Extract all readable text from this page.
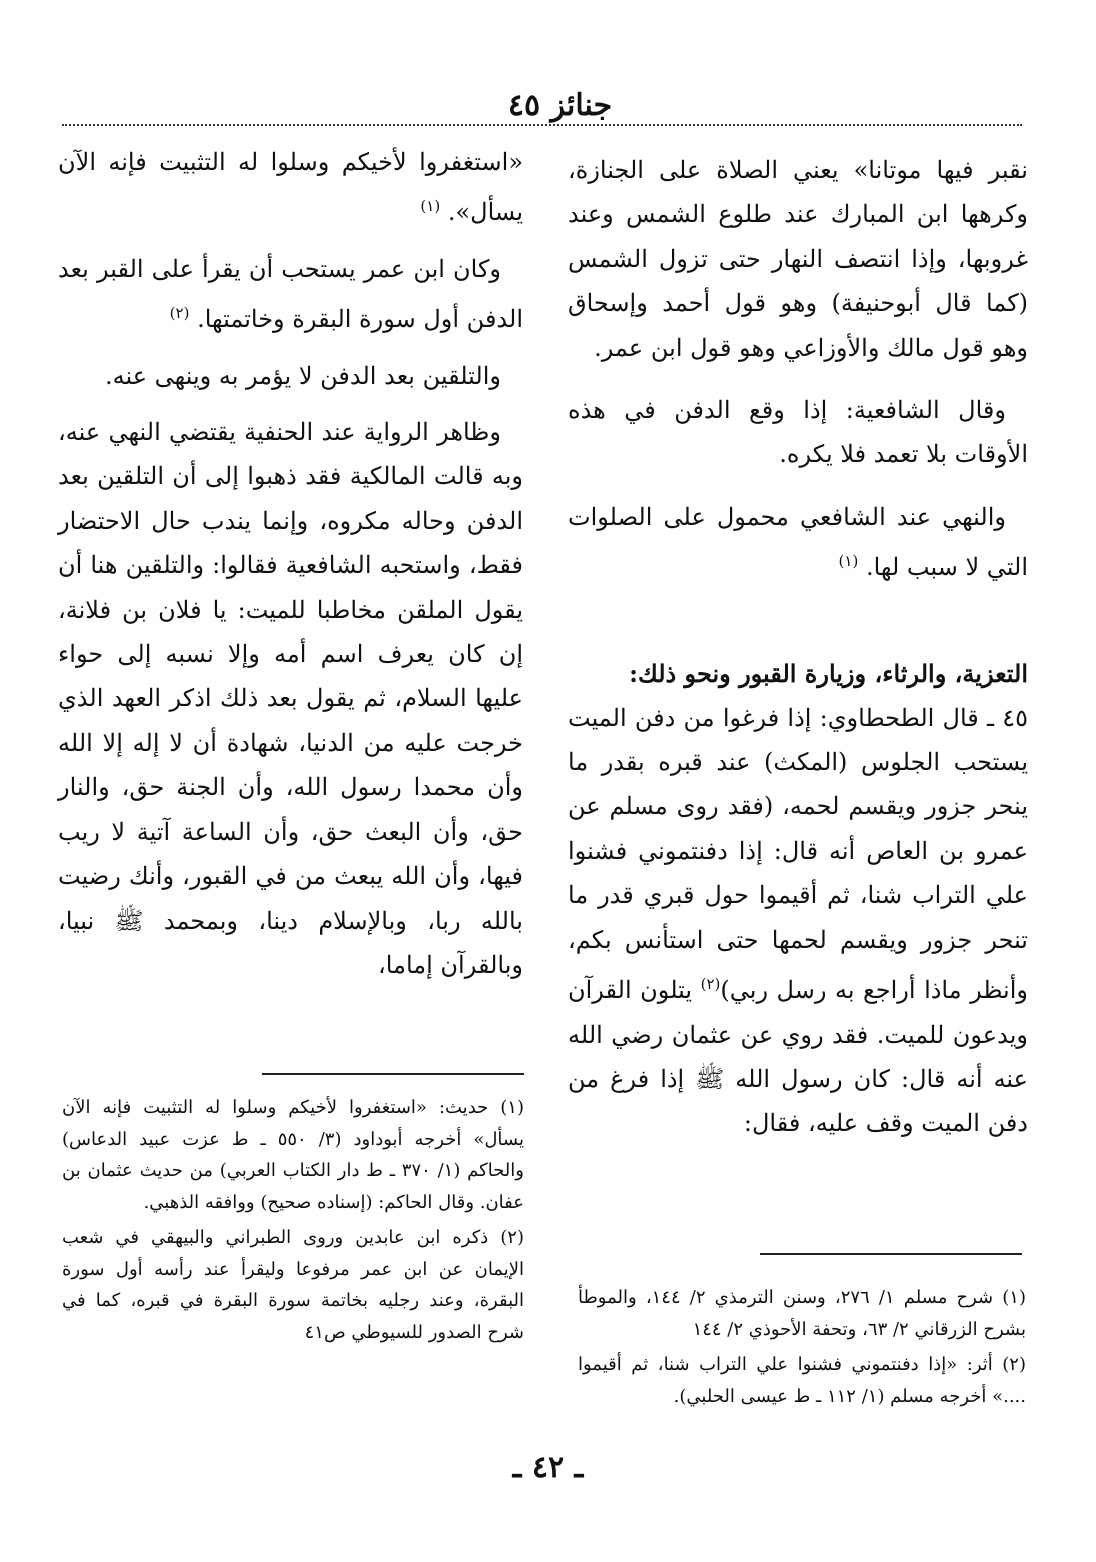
جنائز ٤٥

نقبر فيها موتانا» يعني الصلاة على الجنازة، وكرهها ابن المبارك عند طلوع الشمس وعند غروبها، وإذا انتصف النهار حتى تزول الشمس (كما قال أبوحنيفة) وهو قول أحمد وإسحاق وهو قول مالك والأوزاعي وهو قول ابن عمر.

وقال الشافعية: إذا وقع الدفن في هذه الأوقات بلا تعمد فلا يكره.

والنهي عند الشافعي محمول على الصلوات التي لا سبب لها. $^{(١)}$

التعزية، والرثاء، وزيارة القبور ونحو ذلك:

٤٥ ـ قال الطحطاوي: إذا فرغوا من دفن الميت يستحب الجلوس (المكث) عند قبره بقدر ما ينحر جزور ويقسم لحمه، (فقد روى مسلم عن عمرو بن العاص أنه قال: إذا دفنتموني فشنوا علي التراب شنا، ثم أقيموا حول قبري قدر ما تنحر جزور ويقسم لحمها حتى استأنس بكم، وأنظر ماذا أراجع به رسل ربي)$^{(٢)}$ يتلون القرآن ويدعون للميت. فقد روي عن عثمان رضي الله عنه أنه قال: كان رسول الله ﷺ إذا فرغ من دفن الميت وقف عليه، فقال:

«استغفروا لأخيكم وسلوا له التثبيت فإنه الآن يسأل». $^{(١)}$

وكان ابن عمر يستحب أن يقرأ على القبر بعد الدفن أول سورة البقرة وخاتمتها. $^{(٢)}$

والتلقين بعد الدفن لا يؤمر به وينهى عنه.

وظاهر الرواية عند الحنفية يقتضي النهي عنه، وبه قالت المالكية فقد ذهبوا إلى أن التلقين بعد الدفن وحاله مكروه، وإنما يندب حال الاحتضار فقط، واستحبه الشافعية فقالوا: والتلقين هنا أن يقول الملقن مخاطبا للميت: يا فلان بن فلانة، إن كان يعرف اسم أمه وإلا نسبه إلى حواء عليها السلام، ثم يقول بعد ذلك اذكر العهد الذي خرجت عليه من الدنيا، شهادة أن لا إله إلا الله وأن محمدا رسول الله، وأن الجنة حق، والنار حق، وأن البعث حق، وأن الساعة آتية لا ريب فيها، وأن الله يبعث من في القبور، وأنك رضيت بالله ربا، وبالإسلام دينا، وبمحمد ﷺ نبيا، وبالقرآن إماما،

(١) حديث: «استغفروا لأخيكم وسلوا له التثبيت فإنه الآن يسأل» أخرجه أبوداود (٣/ ٥٥٠ ـ ط عزت عبيد الدعاس) والحاكم (١/ ٣٧٠ ـ ط دار الكتاب العربي) من حديث عثمان بن عفان. وقال الحاكم: (إسناده صحيح) ووافقه الذهبي.

(٢) ذكره ابن عابدين وروى الطبراني والبيهقي في شعب الإيمان عن ابن عمر مرفوعا وليقرأ عند رأسه أول سورة البقرة، وعند رجليه بخاتمة سورة البقرة في قبره، كما في شرح الصدور للسيوطي ص٤١

(١) شرح مسلم ١/ ٢٧٦، وسنن الترمذي ٢/ ١٤٤، والموطأ بشرح الزرقاني ٢/ ٦٣، وتحفة الأحوذي ٢/ ١٤٤

(٢) أثر: «إذا دفنتموني فشنوا علي التراب شنا، ثم أقيموا ....» أخرجه مسلم (١/ ١١٢ ـ ط عيسى الحلبي).

ـ ٤٢ ـ
